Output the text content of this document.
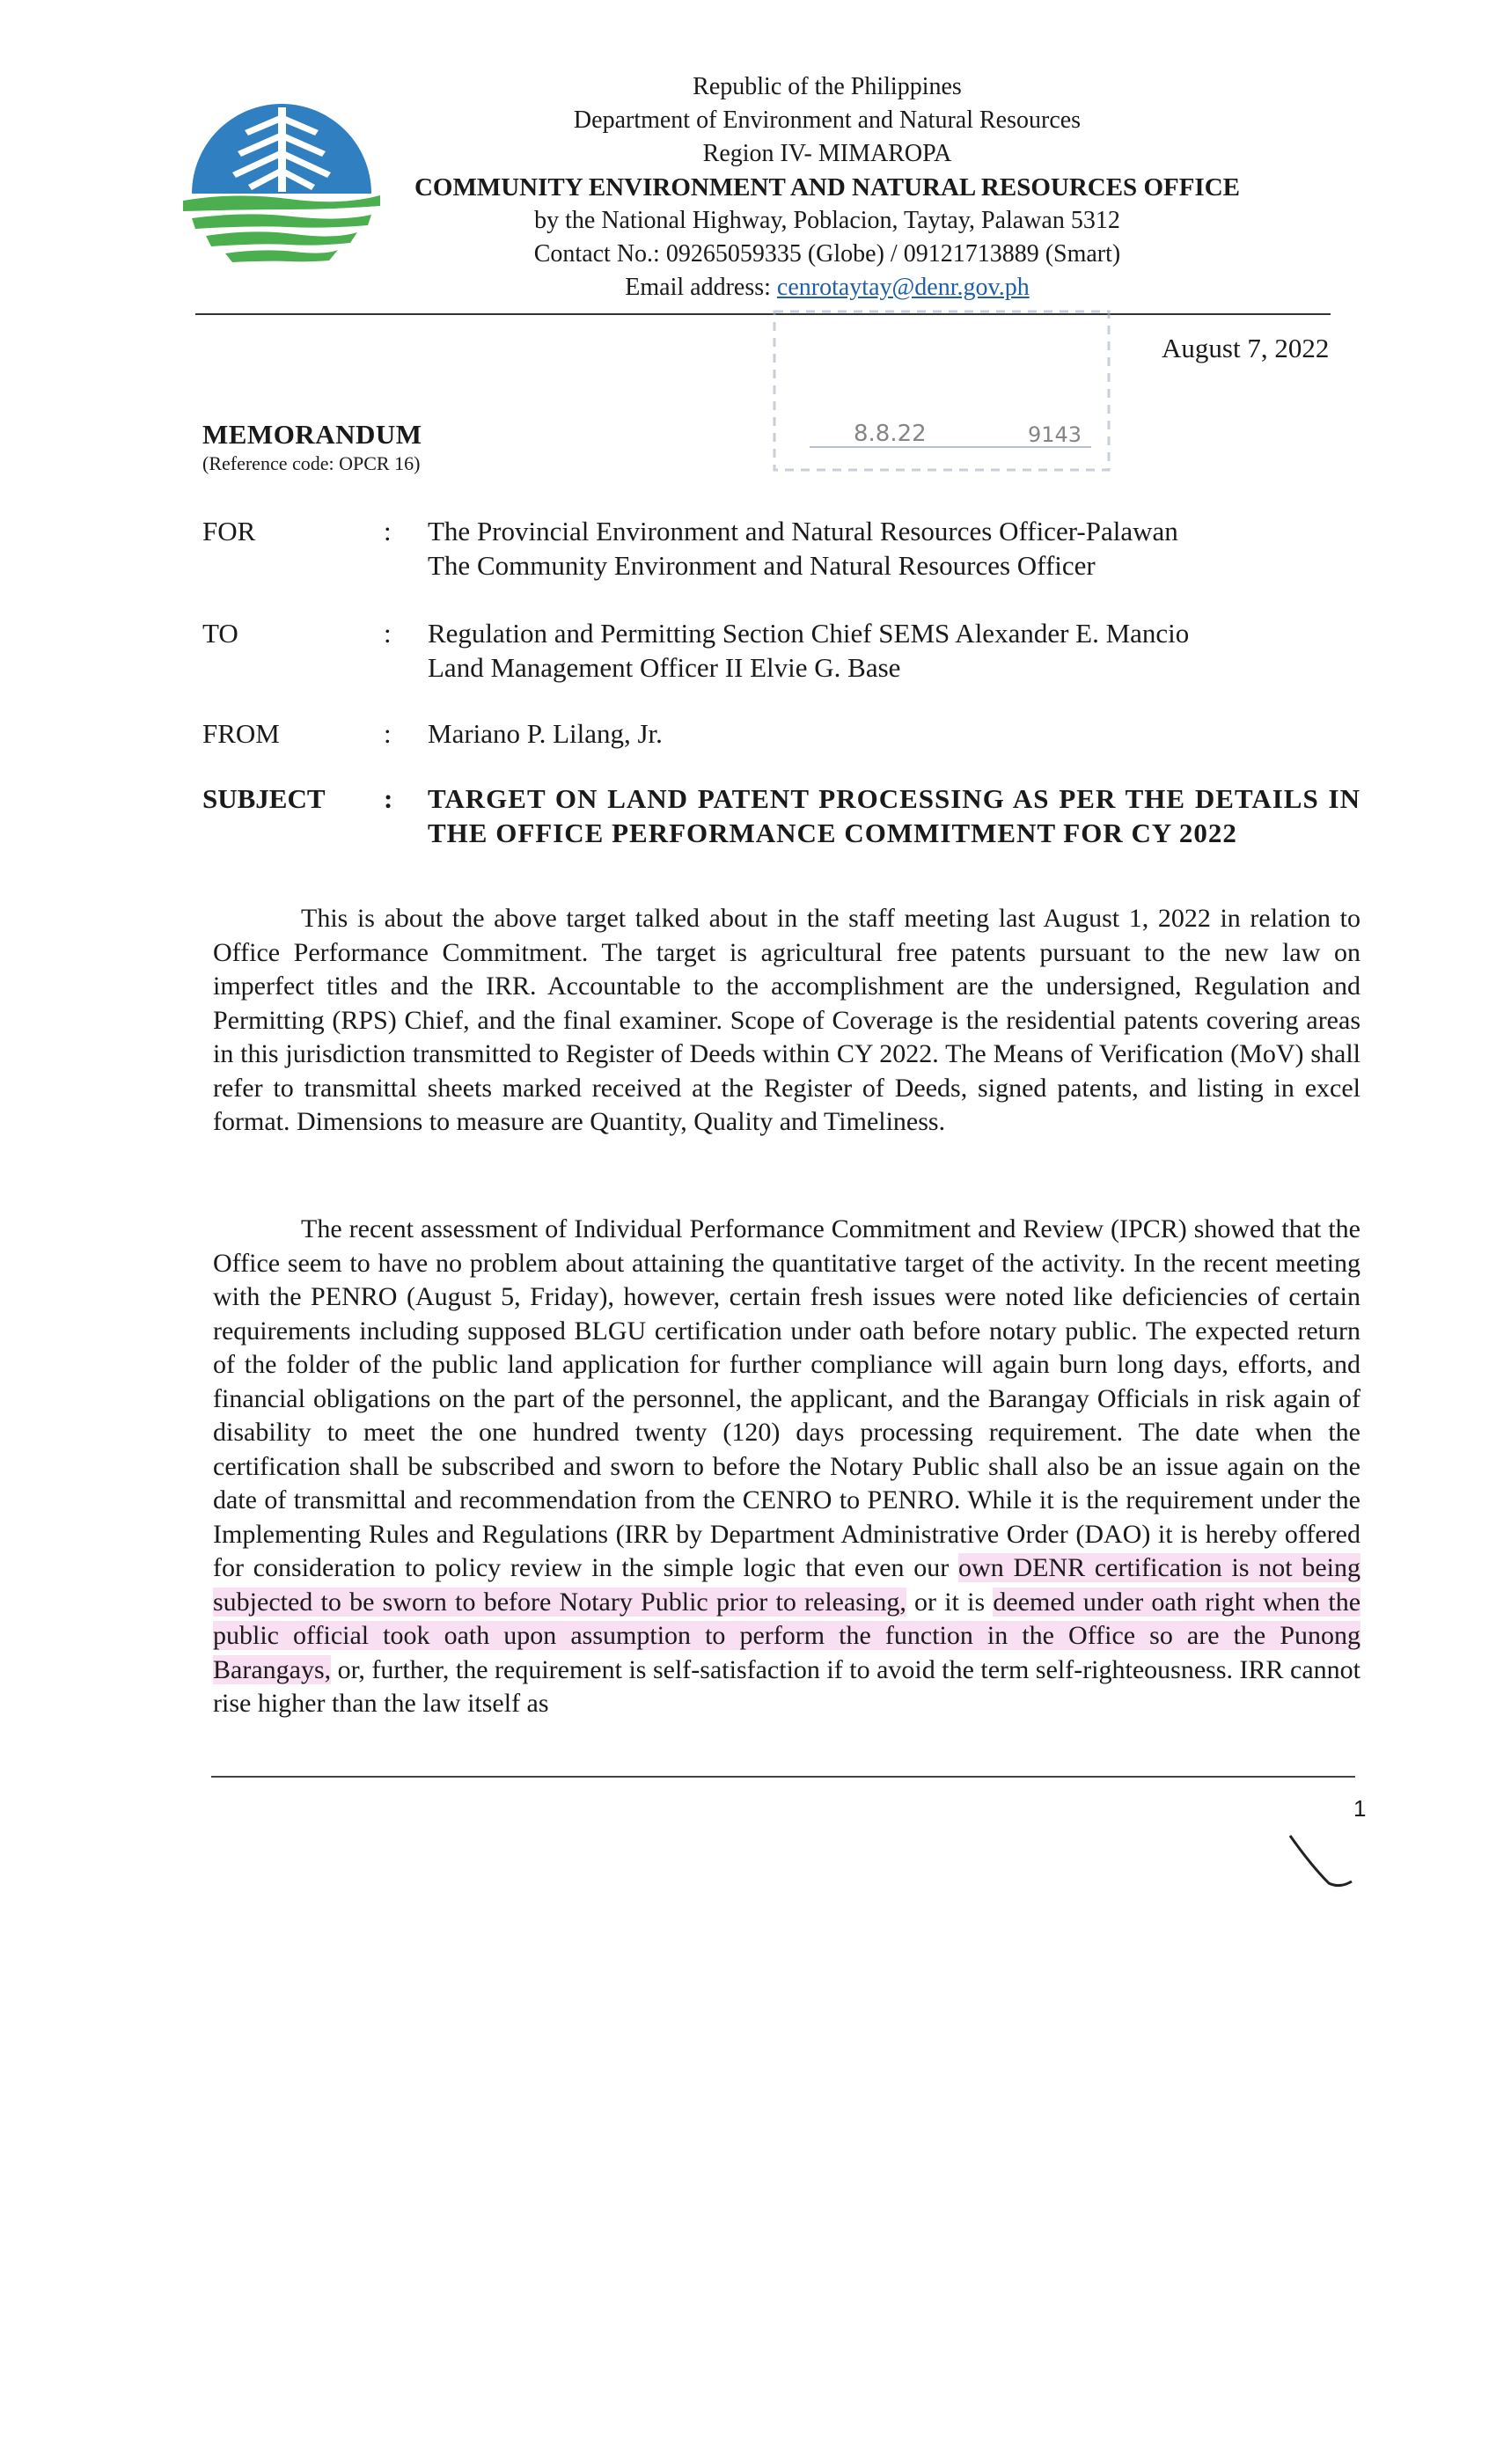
Republic of the Philippines
Department of Environment and Natural Resources
Region IV- MIMAROPA
COMMUNITY ENVIRONMENT AND NATURAL RESOURCES OFFICE
by the National Highway, Poblacion, Taytay, Palawan 5312
Contact No.: 09265059335 (Globe) / 09121713889 (Smart)
Email address: cenrotaytay@denr.gov.ph
8.8.22	9143
August 7, 2022
MEMORANDUM
(Reference code: OPCR 16)
FOR	: The Provincial Environment and Natural Resources Officer-Palawan
The Community Environment and Natural Resources Officer
TO	: Regulation and Permitting Section Chief SEMS Alexander E. Mancio
Land Management Officer II Elvie G. Base
FROM	: Mariano P. Lilang, Jr.
SUBJECT : TARGET ON LAND PATENT PROCESSING AS PER THE DETAILS IN THE OFFICE PERFORMANCE COMMITMENT FOR CY 2022

This is about the above target talked about in the staff meeting last August 1, 2022 in relation to Office Performance Commitment. The target is agricultural free patents pursuant to the new law on imperfect titles and the IRR. Accountable to the accomplishment are the undersigned, Regulation and Permitting (RPS) Chief, and the final examiner. Scope of Coverage is the residential patents covering areas in this jurisdiction transmitted to Register of Deeds within CY 2022. The Means of Verification (MoV) shall refer to transmittal sheets marked received at the Register of Deeds, signed patents, and listing in excel format. Dimensions to measure are Quantity, Quality and Timeliness.

The recent assessment of Individual Performance Commitment and Review (IPCR) showed that the Office seem to have no problem about attaining the quantitative target of the activity. In the recent meeting with the PENRO (August 5, Friday), however, certain fresh issues were noted like deficiencies of certain requirements including supposed BLGU certification under oath before notary public. The expected return of the folder of the public land application for further compliance will again burn long days, efforts, and financial obligations on the part of the personnel, the applicant, and the Barangay Officials in risk again of disability to meet the one hundred twenty (120) days processing requirement. The date when the certification shall be subscribed and sworn to before the Notary Public shall also be an issue again on the date of transmittal and recommendation from the CENRO to PENRO. While it is the requirement under the Implementing Rules and Regulations (IRR by Department Administrative Order (DAO) it is hereby offered for consideration to policy review in the simple logic that even our own DENR certification is not being subjected to be sworn to before Notary Public prior to releasing, or it is deemed under oath right when the public official took oath upon assumption to perform the function in the Office so are the Punong Barangays, or, further, the requirement is self-satisfaction if to avoid the term self-righteousness. IRR cannot rise higher than the law itself as

1
